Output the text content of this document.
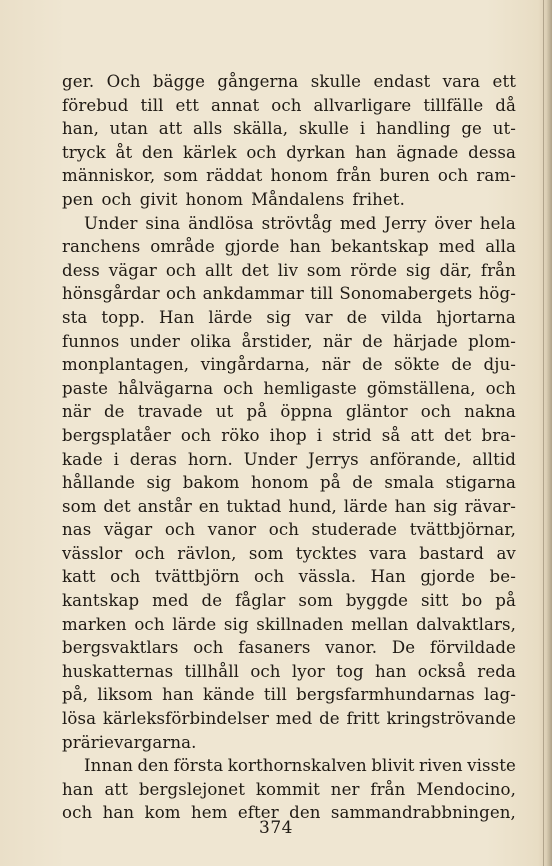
ger. Och bägge gångerna skulle endast vara ett
förebud till ett annat och allvarligare tillfälle då
han, utan att alls skälla, skulle i handling ge ut-
tryck åt den kärlek och dyrkan han ägnade dessa
människor, som räddat honom från buren och ram-
pen och givit honom Måndalens frihet.
Under sina ändlösa strövtåg med Jerry över hela
ranchens område gjorde han bekantskap med alla
dess vägar och allt det liv som rörde sig där, från
hönsgårdar och ankdammar till Sonomabergets hög-
sta topp. Han lärde sig var de vilda hjortarna
funnos under olika årstider, när de härjade plom-
monplantagen, vingårdarna, när de sökte de dju-
paste hålvägarna och hemligaste gömställena, och
när de travade ut på öppna gläntor och nakna
bergsplatåer och röko ihop i strid så att det bra-
kade i deras horn. Under Jerrys anförande, alltid
hållande sig bakom honom på de smala stigarna
som det anstår en tuktad hund, lärde han sig rävar-
nas vägar och vanor och studerade tvättbjörnar,
vässlor och rävlon, som tycktes vara bastard av
katt och tvättbjörn och vässla. Han gjorde be-
kantskap med de fåglar som byggde sitt bo på
marken och lärde sig skillnaden mellan dalvaktlars,
bergsvaktlars och fasaners vanor. De förvildade
huskatternas tillhåll och lyor tog han också reda
på, liksom han kände till bergsfarmhundarnas lag-
lösa kärleksförbindelser med de fritt kringströvande
prärievargarna.
Innan den första korthornskalven blivit riven visste
han att bergslejonet kommit ner från Mendocino,
och han kom hem efter den sammandrabbningen,
374
